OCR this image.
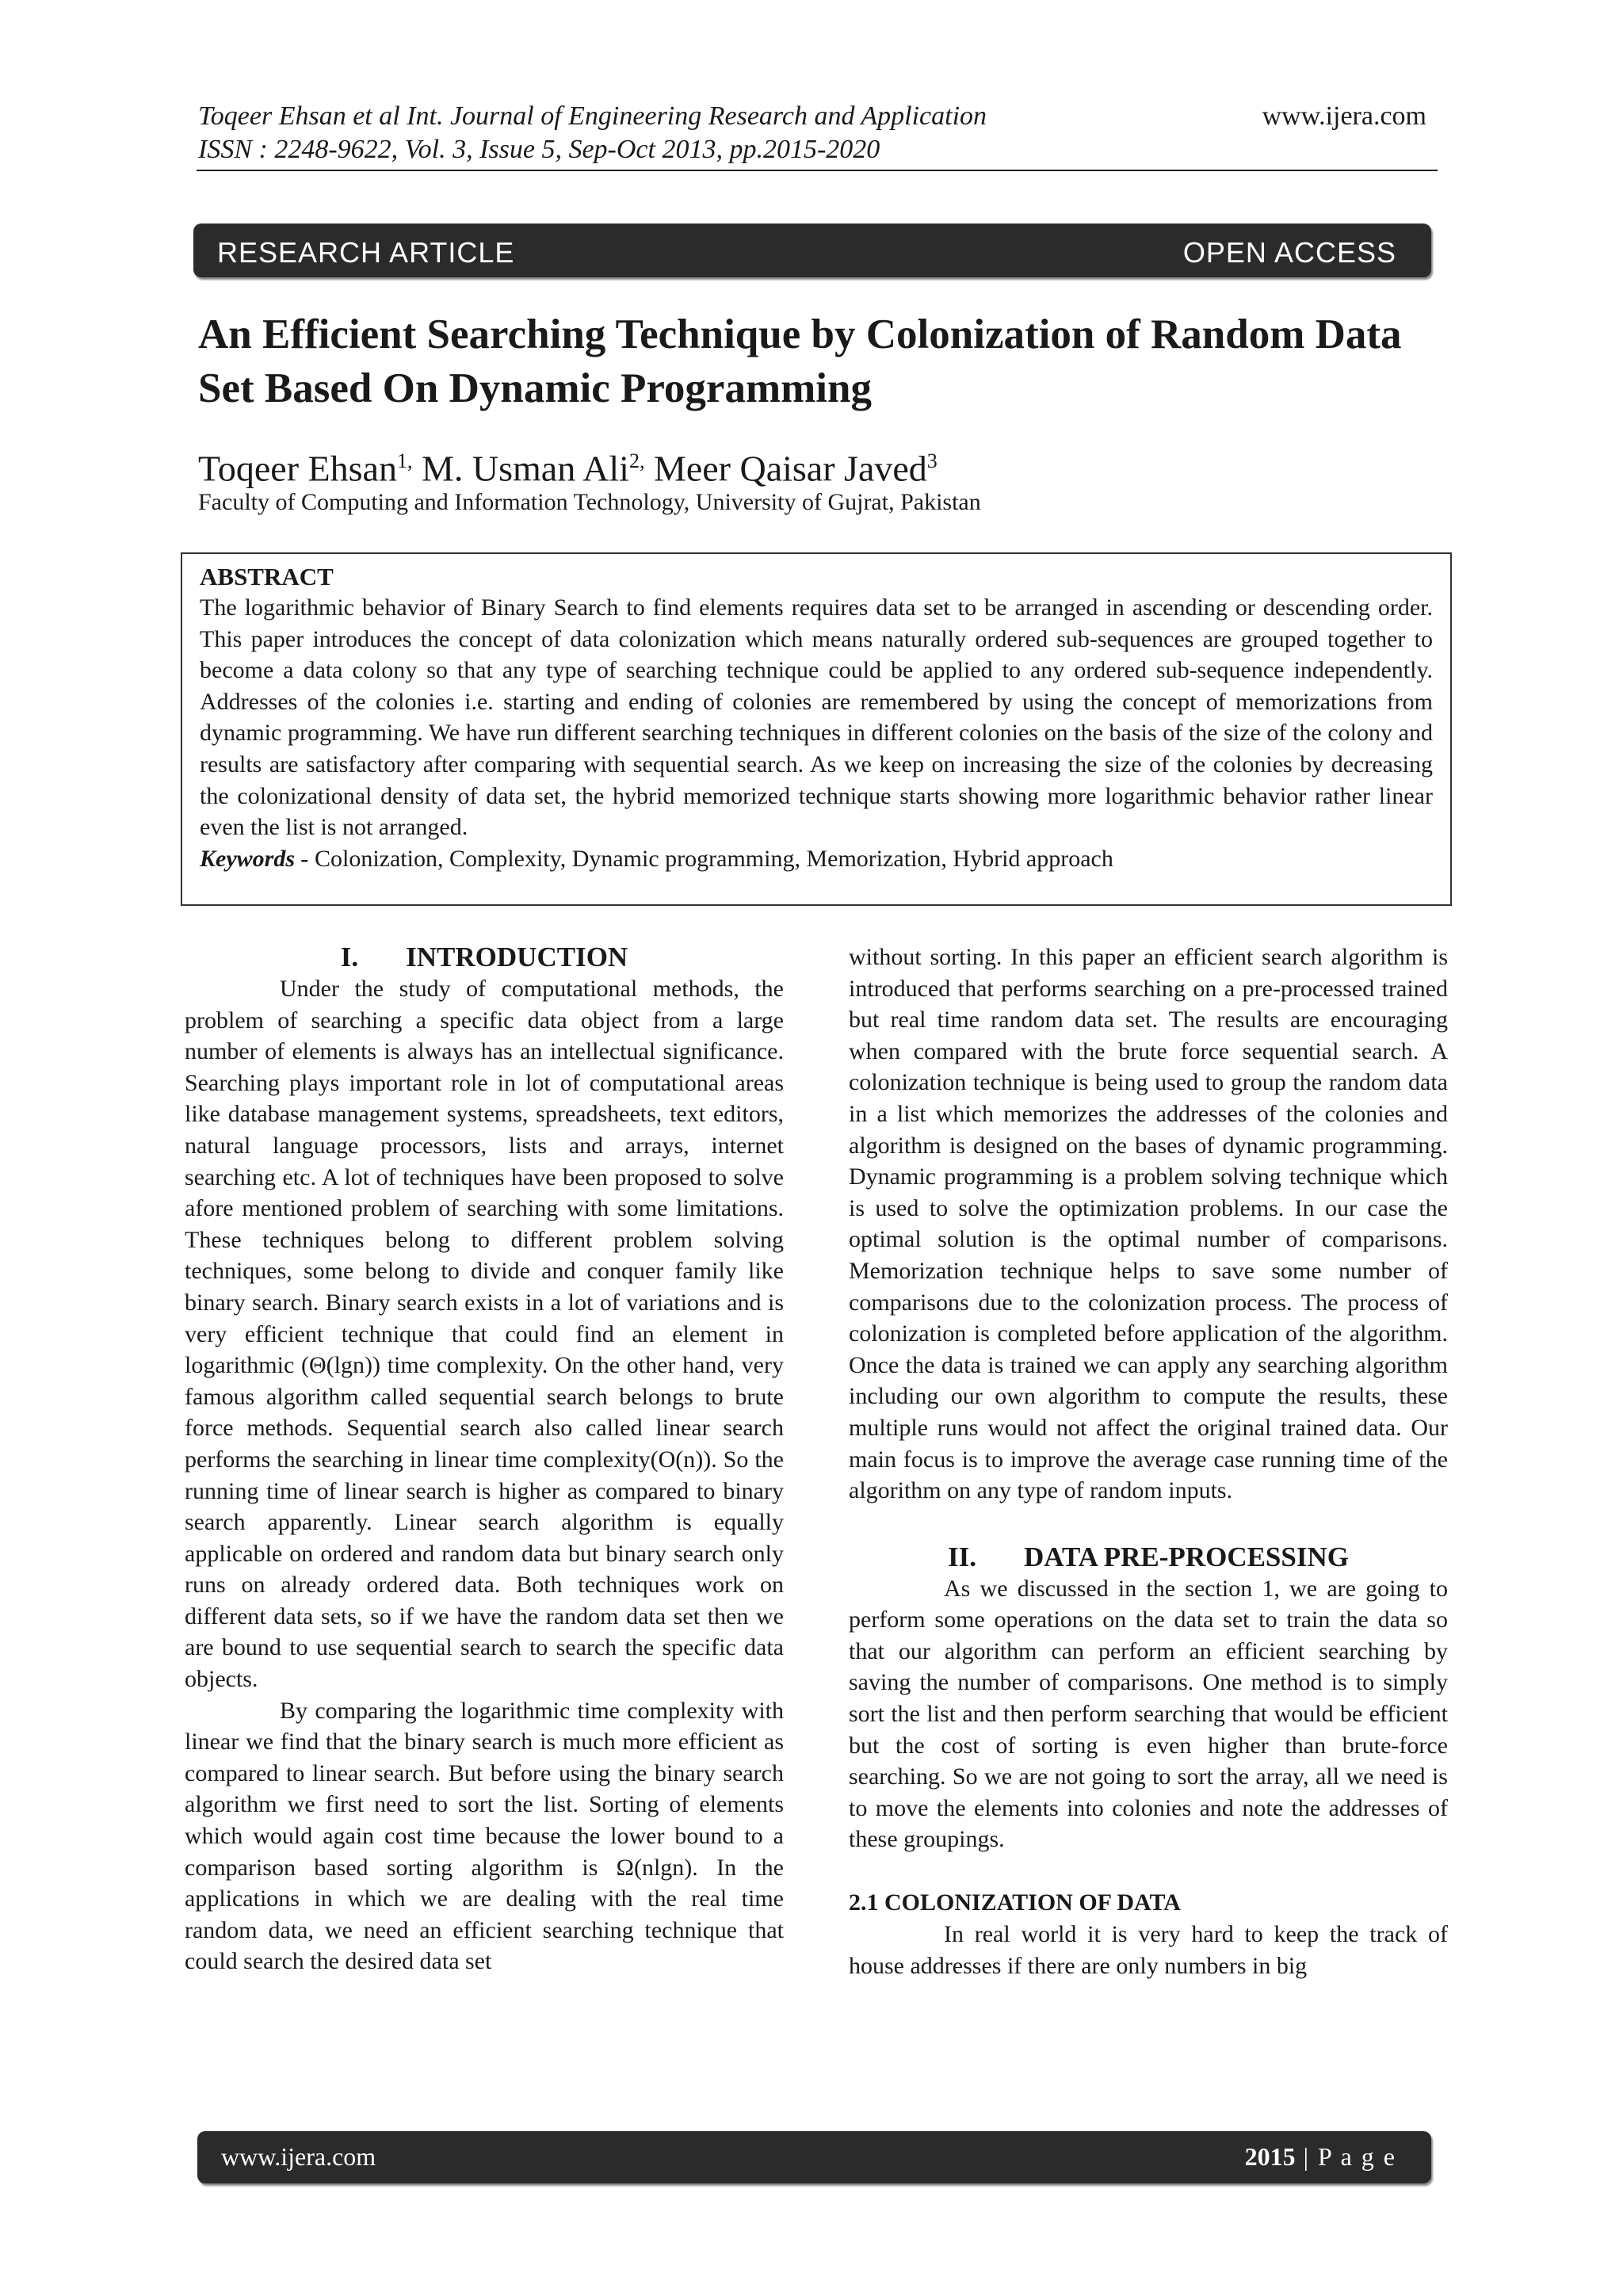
Toqeer Ehsan et al Int. Journal of Engineering Research and Application
ISSN : 2248-9622, Vol. 3, Issue 5, Sep-Oct 2013, pp.2015-2020
www.ijera.com
RESEARCH ARTICLE	OPEN ACCESS
An Efficient Searching Technique by Colonization of Random Data Set Based On Dynamic Programming
Toqeer Ehsan$^{1,}$ M. Usman Ali$^{2,}$ Meer Qaisar Javed$^3$
Faculty of Computing and Information Technology, University of Gujrat, Pakistan
ABSTRACT
The logarithmic behavior of Binary Search to find elements requires data set to be arranged in ascending or descending order. This paper introduces the concept of data colonization which means naturally ordered sub-sequences are grouped together to become a data colony so that any type of searching technique could be applied to any ordered sub-sequence independently. Addresses of the colonies i.e. starting and ending of colonies are remembered by using the concept of memorizations from dynamic programming. We have run different searching techniques in different colonies on the basis of the size of the colony and results are satisfactory after comparing with sequential search. As we keep on increasing the size of the colonies by decreasing the colonizational density of data set, the hybrid memorized technique starts showing more logarithmic behavior rather linear even the list is not arranged.
Keywords - Colonization, Complexity, Dynamic programming, Memorization, Hybrid approach

I. INTRODUCTION

Under the study of computational methods, the problem of searching a specific data object from a large number of elements is always has an intellectual significance. Searching plays important role in lot of computational areas like database management systems, spreadsheets, text editors, natural language processors, lists and arrays, internet searching etc. A lot of techniques have been proposed to solve afore mentioned problem of searching with some limitations. These techniques belong to different problem solving techniques, some belong to divide and conquer family like binary search. Binary search exists in a lot of variations and is very efficient technique that could find an element in logarithmic (Θ(lgn)) time complexity. On the other hand, very famous algorithm called sequential search belongs to brute force methods. Sequential search also called linear search performs the searching in linear time complexity(O(n)). So the running time of linear search is higher as compared to binary search apparently. Linear search algorithm is equally applicable on ordered and random data but binary search only runs on already ordered data. Both techniques work on different data sets, so if we have the random data set then we are bound to use sequential search to search the specific data objects.

By comparing the logarithmic time complexity with linear we find that the binary search is much more efficient as compared to linear search. But before using the binary search algorithm we first need to sort the list. Sorting of elements which would again cost time because the lower bound to a comparison based sorting algorithm is Ω(nlgn). In the applications in which we are dealing with the real time random data, we need an efficient searching technique that could search the desired data set

without sorting. In this paper an efficient search algorithm is introduced that performs searching on a pre-processed trained but real time random data set. The results are encouraging when compared with the brute force sequential search. A colonization technique is being used to group the random data in a list which memorizes the addresses of the colonies and algorithm is designed on the bases of dynamic programming. Dynamic programming is a problem solving technique which is used to solve the optimization problems. In our case the optimal solution is the optimal number of comparisons. Memorization technique helps to save some number of comparisons due to the colonization process. The process of colonization is completed before application of the algorithm. Once the data is trained we can apply any searching algorithm including our own algorithm to compute the results, these multiple runs would not affect the original trained data. Our main focus is to improve the average case running time of the algorithm on any type of random inputs.

II. DATA PRE-PROCESSING

As we discussed in the section 1, we are going to perform some operations on the data set to train the data so that our algorithm can perform an efficient searching by saving the number of comparisons. One method is to simply sort the list and then perform searching that would be efficient but the cost of sorting is even higher than brute-force searching. So we are not going to sort the array, all we need is to move the elements into colonies and note the addresses of these groupings.

2.1 COLONIZATION OF DATA

In real world it is very hard to keep the track of house addresses if there are only numbers in big

www.ijera.com	2015 | P a g e
